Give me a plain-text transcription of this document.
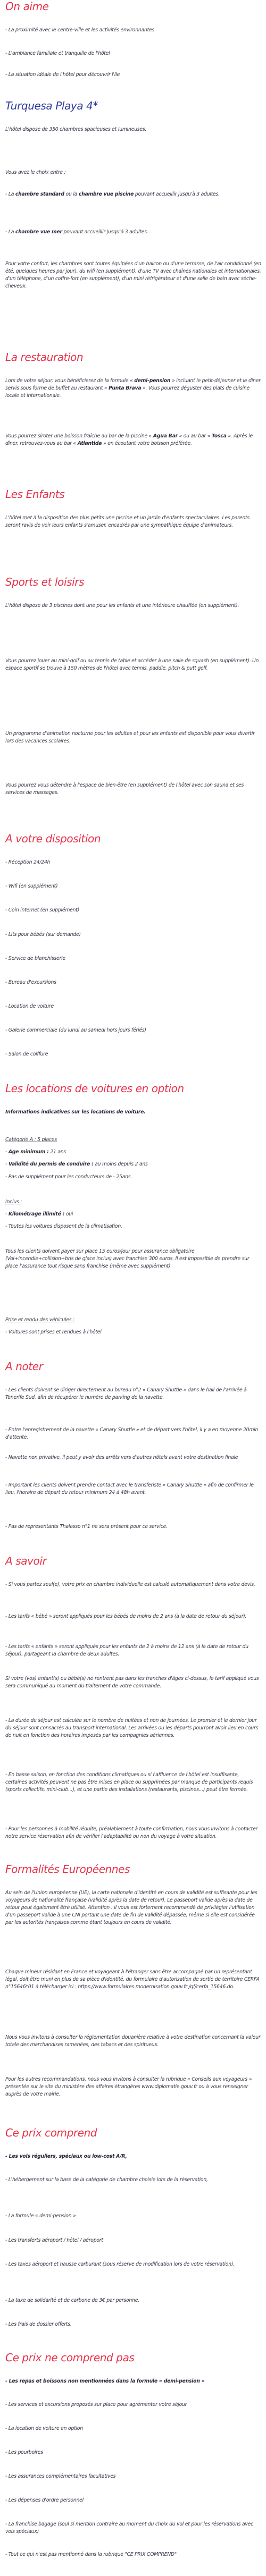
On aime

- La proximité avec le centre-ville et les activités environnantes

- L'ambiance familiale et tranquille de l'hôtel

- La situation idéale de l'hôtel pour découvrir l'Ile

Turquesa Playa 4*

L'hôtel dispose de 350 chambres spacieuses et lumineuses.

Vous avez le choix entre :

- La chambre standard ou la chambre vue piscine pouvant accueillir jusqu'à 3 adultes.

- La chambre vue mer pouvant accueillir jusqu'à 3 adultes.

Pour votre confort, les chambres sont toutes équipées d'un balcon ou d'une terrasse, de l'air conditionné (en été, quelques heures par jour), du wifi (en supplément), d'une TV avec chaînes nationales et internationales, d'un téléphone, d'un coffre-fort (en supplément), d'un mini réfrigérateur et d'une salle de bain avec sèche-cheveux.

La restauration

Lors de votre séjour, vous bénéficierez de la formule « demi-pension » incluant le petit-déjeuner et le dîner servis sous forme de buffet au restaurant « Punta Brava ». Vous pourrez déguster des plats de cuisine locale et internationale.

Vous pourrez siroter une boisson fraîche au bar de la piscine « Agua Bar » ou au bar « Tosca ». Après le dîner, retrouvez-vous au bar « Atlantida » en écoutant votre boisson préférée.

Les Enfants

L'hôtel met à la disposition des plus petits une piscine et un jardin d'enfants spectaculaires. Les parents seront ravis de voir leurs enfants s'amuser, encadrés par une sympathique équipe d'animateurs.

Sports et loisirs

L'hôtel dispose de 3 piscines dont une pour les enfants et une intérieure chauffée (en supplément).

Vous pourrez jouer au mini-golf ou au tennis de table et accéder à une salle de squash (en supplément). Un espace sportif se trouve à 150 mètres de l'hôtel avec tennis, paddle, pitch & putt golf.

Un programme d'animation nocturne pour les adultes et pour les enfants est disponible pour vous divertir lors des vacances scolaires.

Vous pourrez vous détendre à l'espace de bien-être (en supplément) de l'hôtel avec son sauna et ses services de massages.

A votre disposition

- Réception 24/24h

- Wifi (en supplément)

- Coin internet (en supplément)

- Lits pour bébés (sur demande)

- Service de blanchisserie

- Bureau d'excursions

- Location de voiture

- Galerie commerciale (du lundi au samedi hors jours fériés)

- Salon de coiffure

Les locations de voitures en option

Informations indicatives sur les locations de voiture.

Catégorie A : 5 places

- Age minimum : 21 ans

- Validité du permis de conduire : au moins depuis 2 ans

- Pas de supplément pour les conducteurs de - 25ans.

Inclus :

- Kilométrage illimité : oui

- Toutes les voitures disposent de la climatisation.

Tous les clients doivent payer sur place 15 euros/jour pour assurance obligatoire (Vol+incendie+collision+bris de glace inclus) avec franchise 300 euros. Il est impossible de prendre sur place l'assurance tout risque sans franchise (même avec supplément)

Prise et rendu des véhicules :

- Voitures sont prises et rendues à l'hôtel

A noter

- Les clients doivent se diriger directement au bureau n°2 « Canary Shuttle » dans le hall de l'arrivée à Tenerife Sud, afin de récupérer le numéro de parking de la navette.

- Entre l'enregistrement de la navette « Canary Shuttle » et de départ vers l'hôtel, il y a en moyenne 20min d'attente.

- Navette non privative, il peut y avoir des arrêts vers d'autres hôtels avant votre destination finale

- Important les clients doivent prendre contact avec le transferiste « Canary Shuttle » afin de confirmer le lieu, l'horaire de départ du retour minimum 24 à 48h avant.

- Pas de représentants Thalasso n°1 ne sera présent pour ce service.

A savoir

- Si vous partez seul(e), votre prix en chambre individuelle est calculé automatiquement dans votre devis.

- Les tarifs « bébé » seront appliqués pour les bébés de moins de 2 ans (à la date de retour du séjour).

- Les tarifs « enfants » seront appliqués pour les enfants de 2 à moins de 12 ans (à la date de retour du séjour), partageant la chambre de deux adultes.

Si votre (vos) enfant(s) ou bébé(s) ne rentrent pas dans les tranches d'âges ci-dessus, le tarif appliqué vous sera communiqué au moment du traitement de votre commande.

- La durée du séjour est calculée sur le nombre de nuitées et non de journées. Le premier et le dernier jour du séjour sont consacrés au transport international. Les arrivées ou les départs pourront avoir lieu en cours de nuit en fonction des horaires imposés par les compagnies aériennes.

- En basse saison, en fonction des conditions climatiques ou si l'affluence de l'hôtel est insuffisante, certaines activités peuvent ne pas être mises en place ou supprimées par manque de participants requis (sports collectifs, mini-club...), et une partie des installations (restaurants, piscines...) peut être fermée.

- Pour les personnes à mobilité réduite, préalablement à toute confirmation, nous vous invitons à contacter notre service réservation afin de vérifier l'adaptabilité ou non du voyage à votre situation.

Formalités Européennes

Au sein de l'Union européenne (UE), la carte nationale d'identité en cours de validité est suffisante pour les voyageurs de nationalité française (validité après la date de retour). Le passeport valide après la date de retour peut également être utilisé. Attention : il vous est fortement recommandé de privilégier l'utilisation d'un passeport valide à une CNI portant une date de fin de validité dépassée, même si elle est considérée par les autorités françaises comme étant toujours en cours de validité.

Chaque mineur résidant en France et voyageant à l'étranger sans être accompagné par un représentant légal, doit être muni en plus de sa pièce d'identité, du formulaire d'autorisation de sortie de territoire CERFA n°15646*01 à télécharger ici : https://www.formulaires.modernisation.gouv.fr /gf/cerfa_15646.do.

Nous vous invitons à consulter la réglementation douanière relative à votre destination concernant la valeur totale des marchandises ramenées, des tabacs et des spiritueux.

Pour les autres recommandations, nous vous invitons à consulter la rubrique « Conseils aux voyageurs » présentée sur le site du ministère des affaires étrangères www.diplomatie.gouv.fr ou à vous renseigner auprès de votre mairie.

Ce prix comprend

- Les vols réguliers, spéciaux ou low-cost A/R,

- L'hébergement sur la base de la catégorie de chambre choisie lors de la réservation,

- La formule « demi-pension »

- Les transferts aéroport / hôtel / aéroport

- Les taxes aéroport et hausse carburant (sous réserve de modification lors de votre réservation),

- La taxe de solidarité et de carbone de 3€ par personne,

- Les frais de dossier offerts.

Ce prix ne comprend pas

- Les repas et boissons non mentionnées dans la formule « demi-pension »

- Les services et excursions proposés sur place pour agrémenter votre séjour

- La location de voiture en option

- Les pourboires

- Les assurances complémentaires facultatives

- Les dépenses d'ordre personnel

- La franchise bagage (soul si mention contraire au moment du choix du vol et pour les réservations avec vols spéciaux)

- Tout ce qui n'est pas mentionné dans la rubrique "CE PRIX COMPREND"
